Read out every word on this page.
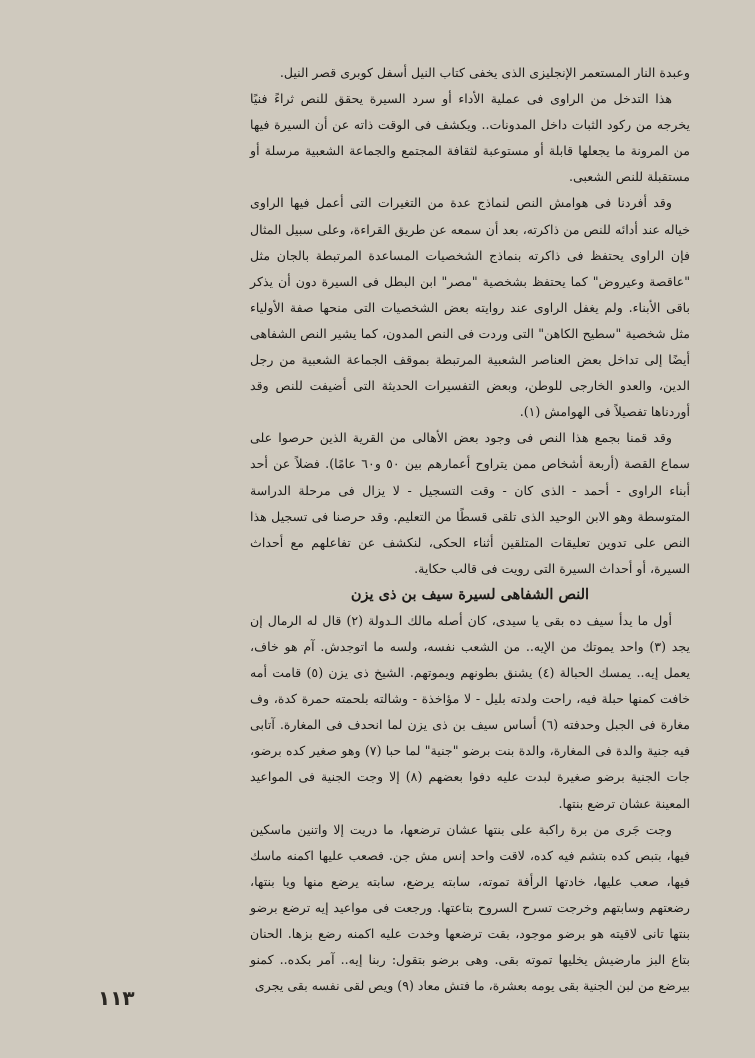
وعبدة النار المستعمر الإنجليزى الذى يخفى كتاب النيل أسفل كوبرى قصر النيل.

هذا التدخل من الراوى فى عملية الأداء أو سرد السيرة يحقق للنص ثراءً فنيًا يخرجه من ركود الثبات داخل المدونات.. ويكشف فى الوقت ذاته عن أن السيرة فيها من المرونة ما يجعلها قابلة أو مستوعبة لثقافة المجتمع والجماعة الشعبية مرسلة أو مستقبلة للنص الشعبى.

وقد أفردنا فى هوامش النص لنماذج عدة من التغيرات التى أعمل فيها الراوى خياله عند أدائه للنص من ذاكرته، بعد أن سمعه عن طريق القراءة، وعلى سبيل المثال فإن الراوى يحتفظ فى ذاكرته بنماذج الشخصيات المساعدة المرتبطة بالجان مثل "عاقصة وعيروض" كما يحتفظ بشخصية "مصر" ابن البطل فى السيرة دون أن يذكر باقى الأبناء. ولم يغفل الراوى عند روايته بعض الشخصيات التى منحها صفة الأولياء مثل شخصية "سطيح الكاهن" التى وردت فى النص المدون، كما يشير النص الشفاهى أيضًا إلى تداخل بعض العناصر الشعبية المرتبطة بموقف الجماعة الشعبية من رجل الدين، والعدو الخارجى للوطن، وبعض التفسيرات الحديثة التى أضيفت للنص وقد أوردناها تفصيلاً فى الهوامش (١).

وقد قمنا بجمع هذا النص فى وجود بعض الأهالى من القرية الذين حرصوا على سماع القصة (أربعة أشخاص ممن يتراوح أعمارهم بين ٥٠ و٦٠ عامًا). فضلاً عن أحد أبناء الراوى - أحمد - الذى كان - وقت التسجيل - لا يزال فى مرحلة الدراسة المتوسطة وهو الابن الوحيد الذى تلقى قسطًا من التعليم. وقد حرصنا فى تسجيل هذا النص على تدوين تعليقات المتلقين أثناء الحكى، لنكشف عن تفاعلهم مع أحداث السيرة، أو أحداث السيرة التى رويت فى قالب حكاية.

النص الشفاهى لسيرة سيف بن ذى يزن

أول ما يدأ سيف ده بقى يا سيدى، كان أصله مالك الـدولة (٢) قال له الرمال إن يجد (٣) واحد يموتك من الإيه.. من الشعب نفسه، ولسه ما اتوجدش. آم هو خاف، يعمل إيه.. يمسك الحبالة (٤) يشنق بطونهم ويموتهم. الشيخ ذى يزن (٥) قامت أمه خافت كمنها حبلة فيه، راحت ولدته بليل - لا مؤاخذة - وشالته بلحمته حمرة كدة، وف مغارة فى الجبل وحدفته (٦) أساس سيف بن ذى يزن لما انحدف فى المغارة. آتابى فيه جنية والدة فى المغارة، والدة بنت برضو "جنية" لما حبا (٧) وهو صغير كده برضو، جات الجنية برضو صغيرة لبدت عليه دفوا بعضهم (٨) إلا وجت الجنية فى المواعيد المعينة عشان ترضع بنتها.

وجت جَرى من برة راكبة على بنتها عشان ترضعها، ما دريت إلا واتنين ماسكين فيها، بتبص كده بتشم فيه كده، لاقت واحد إنس مش جن. فصعب عليها اكمنه ماسك فيها، صعب عليها، خادتها الرأفة تموته، سابته يرضع، سابته يرضع منها ويا بنتها، رضعتهم وسابتهم وخرجت تسرح السروح بتاعتها. ورجعت فى مواعيد إيه ترضع برضو بنتها تانى لاقيته هو برضو موجود، بقت ترضعها وخدت عليه اكمنه رضع بزها. الحنان بتاع البز مارضيش يخليها تموته بقى. وهى برضو بتقول: ربنا إيه.. آمر بكده.. كمنو بيرضع من لبن الجنية بقى يومه بعشرة، ما فتش معاد (٩) ويص لقى نفسه بقى يجرى

١١٣
